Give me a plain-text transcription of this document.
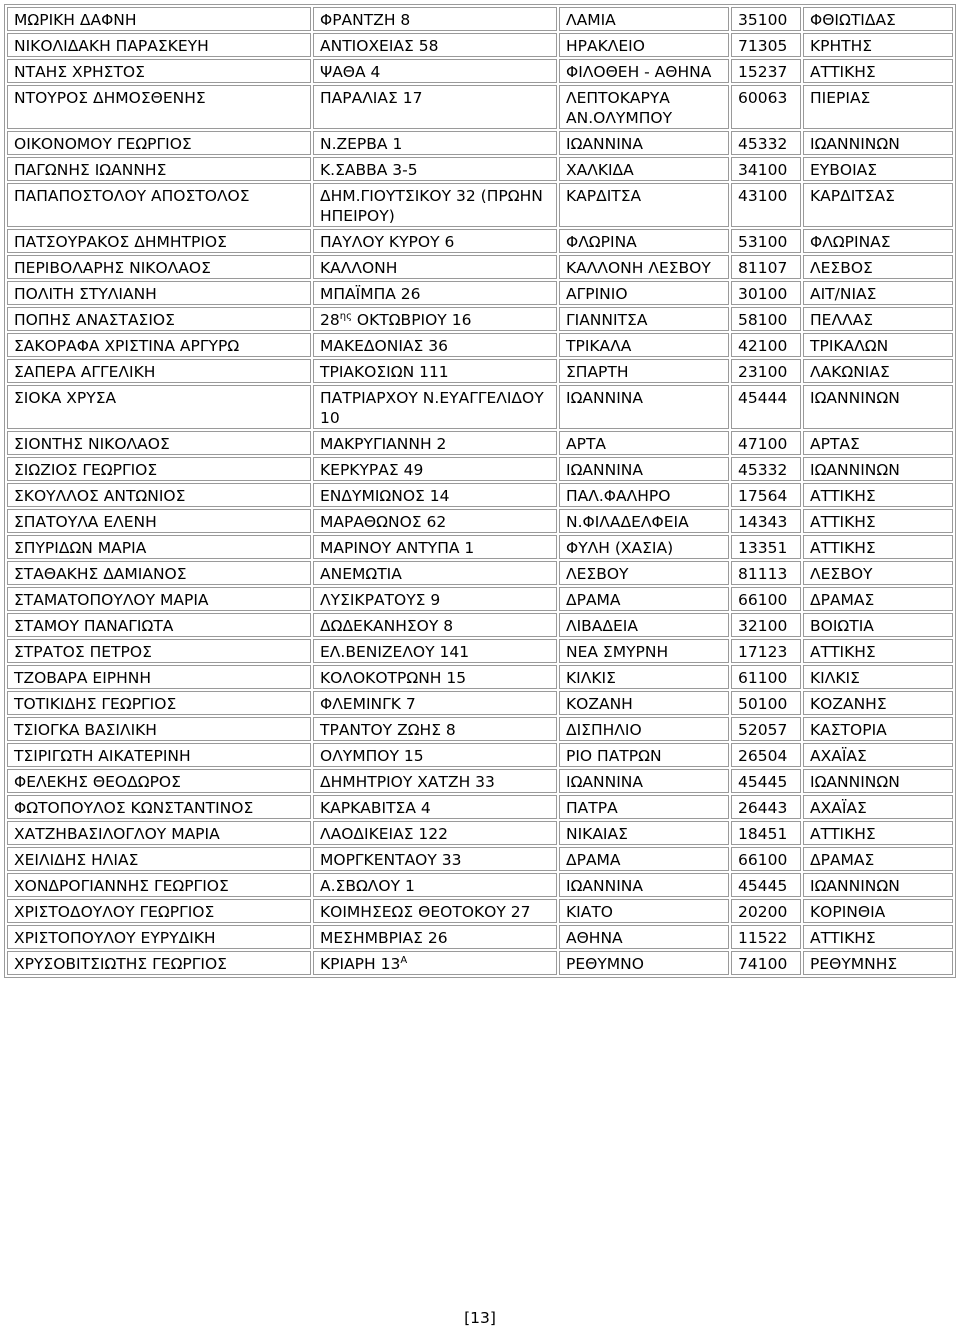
ΜΩΡΙΚΗ ΔΑΦΝΗ	ΦΡΑΝΤΖΗ 8	ΛΑΜΙΑ	35100	ΦΘΙΩΤΙΔΑΣ
ΝΙΚΟΛΙΔΑΚΗ ΠΑΡΑΣΚΕΥΗ	ΑΝΤΙΟΧΕΙΑΣ 58	ΗΡΑΚΛΕΙΟ	71305	ΚΡΗΤΗΣ
ΝΤΑΗΣ ΧΡΗΣΤΟΣ	ΨΑΘΑ 4	ΦΙΛΟΘΕΗ - ΑΘΗΝΑ	15237	ΑΤΤΙΚΗΣ
ΝΤΟΥΡΟΣ ΔΗΜΟΣΘΕΝΗΣ	ΠΑΡΑΛΙΑΣ 17	ΛΕΠΤΟΚΑΡΥΑ ΑΝ.ΟΛΥΜΠΟΥ	60063	ΠΙΕΡΙΑΣ
ΟΙΚΟΝΟΜΟΥ ΓΕΩΡΓΙΟΣ	Ν.ΖΕΡΒΑ 1	ΙΩΑΝΝΙΝΑ	45332	ΙΩΑΝΝΙΝΩΝ
ΠΑΓΩΝΗΣ ΙΩΑΝΝΗΣ	Κ.ΣΑΒΒΑ 3-5	ΧΑΛΚΙΔΑ	34100	ΕΥΒΟΙΑΣ
ΠΑΠΑΠΟΣΤΟΛΟΥ ΑΠΟΣΤΟΛΟΣ	ΔΗΜ.ΓΙΟΥΤΣΙΚΟΥ 32 (ΠΡΩΗΝ ΗΠΕΙΡΟΥ)	ΚΑΡΔΙΤΣΑ	43100	ΚΑΡΔΙΤΣΑΣ
ΠΑΤΣΟΥΡΑΚΟΣ ΔΗΜΗΤΡΙΟΣ	ΠΑΥΛΟΥ ΚΥΡΟΥ 6	ΦΛΩΡΙΝΑ	53100	ΦΛΩΡΙΝΑΣ
ΠΕΡΙΒΟΛΑΡΗΣ ΝΙΚΟΛΑΟΣ	ΚΑΛΛΟΝΗ	ΚΑΛΛΟΝΗ ΛΕΣΒΟΥ	81107	ΛΕΣΒΟΣ
ΠΟΛΙΤΗ ΣΤΥΛΙΑΝΗ	ΜΠΑΪΜΠΑ 26	ΑΓΡΙΝΙΟ	30100	ΑΙΤ/ΝΙΑΣ
ΠΟΠΗΣ ΑΝΑΣΤΑΣΙΟΣ	$28^{\eta\varsigma}$ ΟΚΤΩΒΡΙΟΥ 16	ΓΙΑΝΝΙΤΣΑ	58100	ΠΕΛΛΑΣ
ΣΑΚΟΡΑΦΑ ΧΡΙΣΤΙΝΑ ΑΡΓΥΡΩ	ΜΑΚΕΔΟΝΙΑΣ 36	ΤΡΙΚΑΛΑ	42100	ΤΡΙΚΑΛΩΝ
ΣΑΠΕΡΑ ΑΓΓΕΛΙΚΗ	ΤΡΙΑΚΟΣΙΩΝ 111	ΣΠΑΡΤΗ	23100	ΛΑΚΩΝΙΑΣ
ΣΙΟΚΑ ΧΡΥΣΑ	ΠΑΤΡΙΑΡΧΟΥ Ν.ΕΥΑΓΓΕΛΙΔΟΥ 10	ΙΩΑΝΝΙΝΑ	45444	ΙΩΑΝΝΙΝΩΝ
ΣΙΟΝΤΗΣ ΝΙΚΟΛΑΟΣ	ΜΑΚΡΥΓΙΑΝΝΗ 2	ΑΡΤΑ	47100	ΑΡΤΑΣ
ΣΙΩΖΙΟΣ ΓΕΩΡΓΙΟΣ	ΚΕΡΚΥΡΑΣ 49	ΙΩΑΝΝΙΝΑ	45332	ΙΩΑΝΝΙΝΩΝ
ΣΚΟΥΛΛΟΣ ΑΝΤΩΝΙΟΣ	ΕΝΔΥΜΙΩΝΟΣ 14	ΠΑΛ.ΦΑΛΗΡΟ	17564	ΑΤΤΙΚΗΣ
ΣΠΑΤΟΥΛΑ ΕΛΕΝΗ	ΜΑΡΑΘΩΝΟΣ 62	Ν.ΦΙΛΑΔΕΛΦΕΙΑ	14343	ΑΤΤΙΚΗΣ
ΣΠΥΡΙΔΩΝ ΜΑΡΙΑ	ΜΑΡΙΝΟΥ ΑΝΤΥΠΑ 1	ΦΥΛΗ (ΧΑΣΙΑ)	13351	ΑΤΤΙΚΗΣ
ΣΤΑΘΑΚΗΣ ΔΑΜΙΑΝΟΣ	ΑΝΕΜΩΤΙΑ	ΛΕΣΒΟΥ	81113	ΛΕΣΒΟΥ
ΣΤΑΜΑΤΟΠΟΥΛΟΥ ΜΑΡΙΑ	ΛΥΣΙΚΡΑΤΟΥΣ 9	ΔΡΑΜΑ	66100	ΔΡΑΜΑΣ
ΣΤΑΜΟΥ ΠΑΝΑΓΙΩΤΑ	ΔΩΔΕΚΑΝΗΣΟΥ 8	ΛΙΒΑΔΕΙΑ	32100	ΒΟΙΩΤΙΑ
ΣΤΡΑΤΟΣ ΠΕΤΡΟΣ	ΕΛ.ΒΕΝΙΖΕΛΟΥ 141	ΝΕΑ ΣΜΥΡΝΗ	17123	ΑΤΤΙΚΗΣ
ΤΖΟΒΑΡΑ ΕΙΡΗΝΗ	ΚΟΛΟΚΟΤΡΩΝΗ 15	ΚΙΛΚΙΣ	61100	ΚΙΛΚΙΣ
ΤΟΤΙΚΙΔΗΣ ΓΕΩΡΓΙΟΣ	ΦΛΕΜΙΝΓΚ 7	ΚΟΖΑΝΗ	50100	ΚΟΖΑΝΗΣ
ΤΣΙΟΓΚΑ ΒΑΣΙΛΙΚΗ	ΤΡΑΝΤΟΥ ΖΩΗΣ 8	ΔΙΣΠΗΛΙΟ	52057	ΚΑΣΤΟΡΙΑ
ΤΣΙΡΙΓΩΤΗ ΑΙΚΑΤΕΡΙΝΗ	ΟΛΥΜΠΟΥ 15	ΡΙΟ ΠΑΤΡΩΝ	26504	ΑΧΑΪΑΣ
ΦΕΛΕΚΗΣ ΘΕΟΔΩΡΟΣ	ΔΗΜΗΤΡΙΟΥ ΧΑΤΖΗ 33	ΙΩΑΝΝΙΝΑ	45445	ΙΩΑΝΝΙΝΩΝ
ΦΩΤΟΠΟΥΛΟΣ ΚΩΝΣΤΑΝΤΙΝΟΣ	ΚΑΡΚΑΒΙΤΣΑ 4	ΠΑΤΡΑ	26443	ΑΧΑΪΑΣ
ΧΑΤΖΗΒΑΣΙΛΟΓΛΟΥ ΜΑΡΙΑ	ΛΑΟΔΙΚΕΙΑΣ 122	ΝΙΚΑΙΑΣ	18451	ΑΤΤΙΚΗΣ
ΧΕΙΛΙΔΗΣ ΗΛΙΑΣ	ΜΟΡΓΚΕΝΤΑΟΥ 33	ΔΡΑΜΑ	66100	ΔΡΑΜΑΣ
ΧΟΝΔΡΟΓΙΑΝΝΗΣ ΓΕΩΡΓΙΟΣ	Α.ΣΒΩΛΟΥ 1	ΙΩΑΝΝΙΝΑ	45445	ΙΩΑΝΝΙΝΩΝ
ΧΡΙΣΤΟΔΟΥΛΟΥ ΓΕΩΡΓΙΟΣ	ΚΟΙΜΗΣΕΩΣ ΘΕΟΤΟΚΟΥ 27	ΚΙΑΤΟ	20200	ΚΟΡΙΝΘΙΑ
ΧΡΙΣΤΟΠΟΥΛΟΥ ΕΥΡΥΔΙΚΗ	ΜΕΣΗΜΒΡΙΑΣ 26	ΑΘΗΝΑ	11522	ΑΤΤΙΚΗΣ
ΧΡΥΣΟΒΙΤΣΙΩΤΗΣ ΓΕΩΡΓΙΟΣ	ΚΡΙΑΡΗ $13^A$	ΡΕΘΥΜΝΟ	74100	ΡΕΘΥΜΝΗΣ
[13]
